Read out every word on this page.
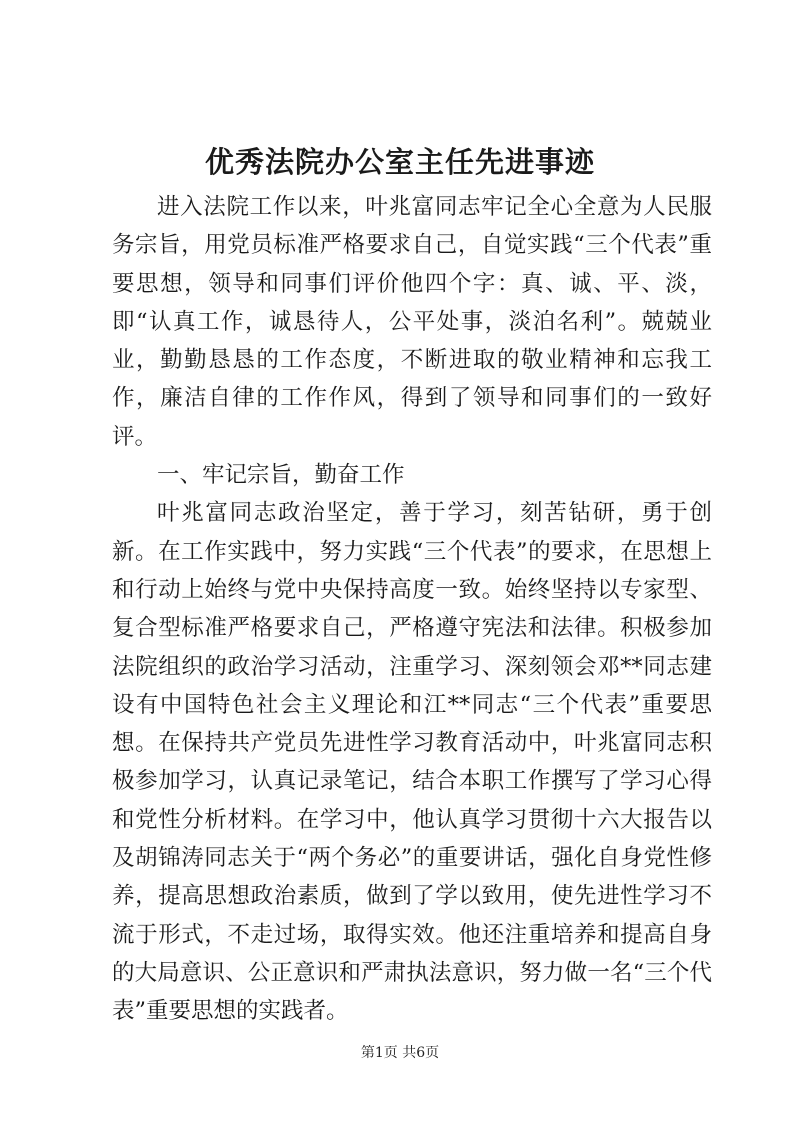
优秀法院办公室主任先进事迹

进入法院工作以来，叶兆富同志牢记全心全意为人民服务宗旨，用党员标准严格要求自己，自觉实践“三个代表”重要思想，领导和同事们评价他四个字：真、诚、平、淡，即“认真工作，诚恳待人，公平处事，淡泊名利”。兢兢业业，勤勤恳恳的工作态度，不断进取的敬业精神和忘我工作，廉洁自律的工作作风，得到了领导和同事们的一致好评。

一、牢记宗旨，勤奋工作

叶兆富同志政治坚定，善于学习，刻苦钻研，勇于创新。在工作实践中，努力实践“三个代表”的要求，在思想上和行动上始终与党中央保持高度一致。始终坚持以专家型、复合型标准严格要求自己，严格遵守宪法和法律。积极参加法院组织的政治学习活动，注重学习、深刻领会邓**同志建设有中国特色社会主义理论和江**同志“三个代表”重要思想。在保持共产党员先进性学习教育活动中，叶兆富同志积极参加学习，认真记录笔记，结合本职工作撰写了学习心得和党性分析材料。在学习中，他认真学习贯彻十六大报告以及胡锦涛同志关于“两个务必”的重要讲话，强化自身党性修养，提高思想政治素质，做到了学以致用，使先进性学习不流于形式，不走过场，取得实效。他还注重培养和提高自身的大局意识、公正意识和严肃执法意识，努力做一名“三个代表”重要思想的实践者。

第1页 共6页
